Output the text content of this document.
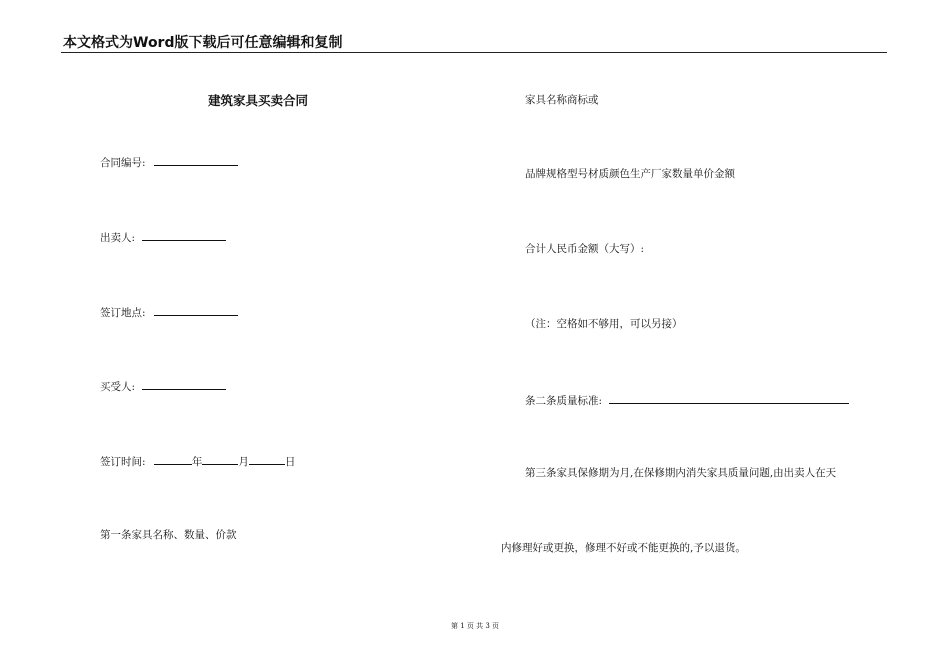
本文格式为Word版下载后可任意编辑和复制
建筑家具买卖合同
合同编号:
出卖人:
签订地点:
买受人:
签订时间:	年	月	日
第一条家具名称、数量、价款
家具名称商标或
品牌规格型号材质颜色生产厂家数量单价金额
合计人民币金额（大写）:
（注：空格如不够用，可以另接）
条二条质量标准:
第三条家具保修期为月,在保修期内消失家具质量问题,由出卖人在天
内修理好或更换，修理不好或不能更换的,予以退货。
第 1 页 共 3 页
